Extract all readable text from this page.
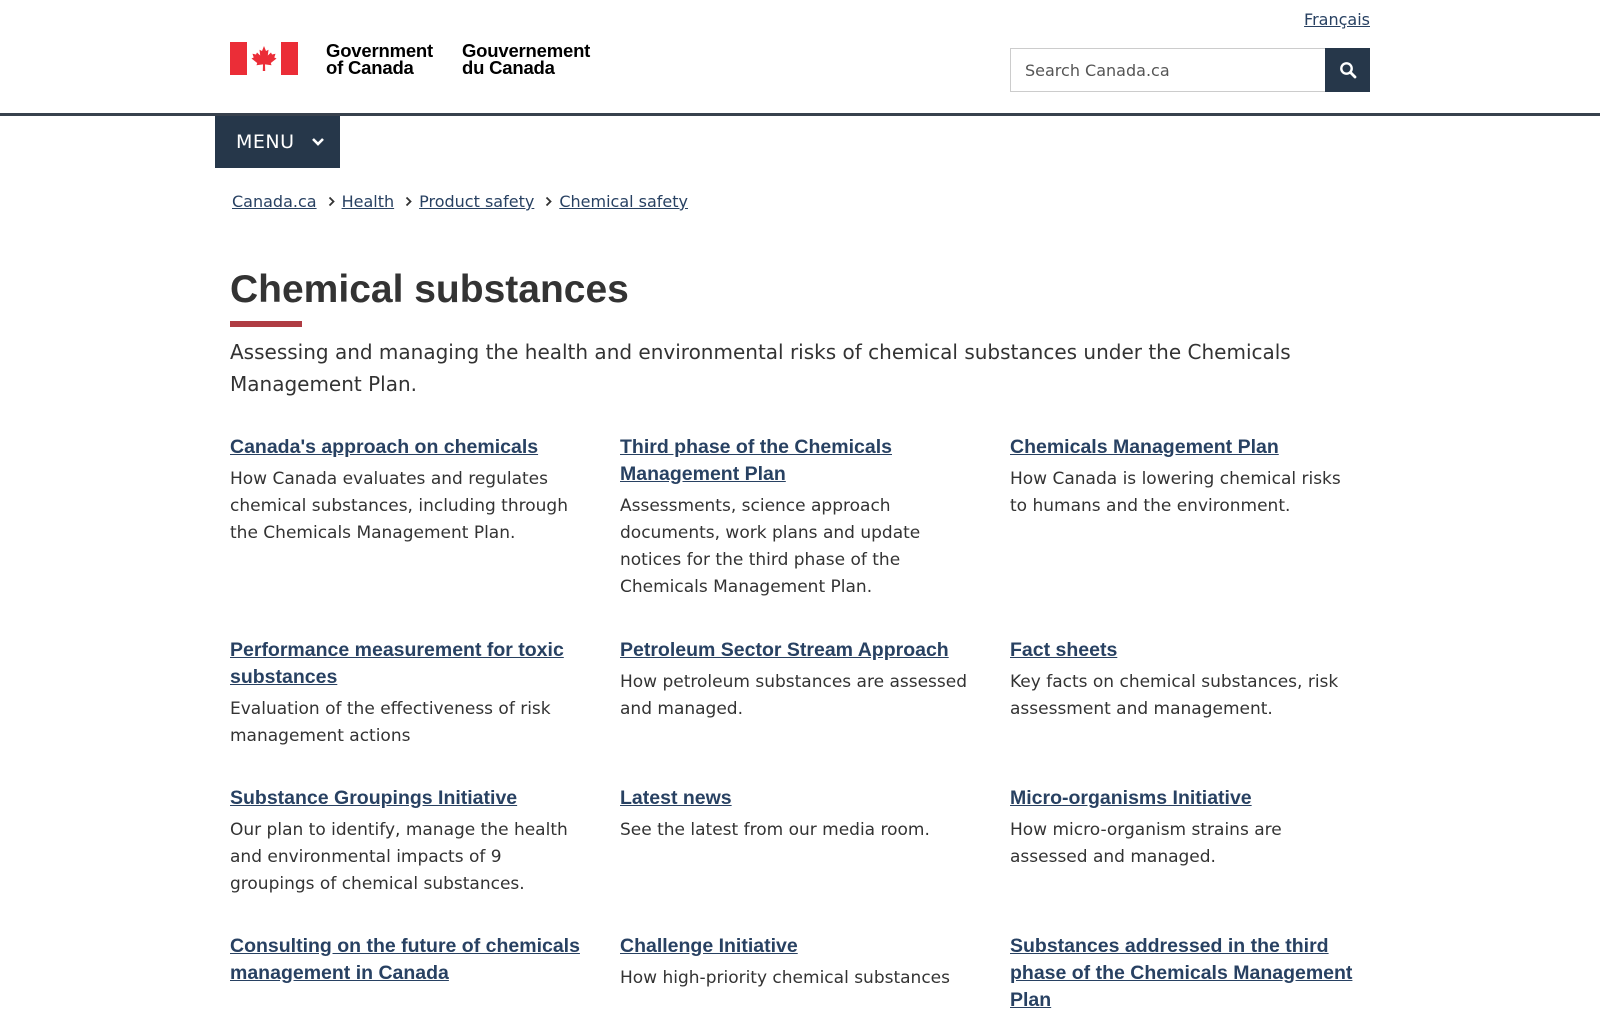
Français
Government
of Canada
Gouvernement
du Canada
Search Canada.ca
MENU
Canada.ca Health Product safety Chemical safety
Chemical substances

Assessing and managing the health and environmental risks of chemical substances under the Chemicals Management Plan.

Canada's approach on chemicals

How Canada evaluates and regulates chemical substances, including through the Chemicals Management Plan.

Third phase of the Chemicals Management Plan

Assessments, science approach documents, work plans and update notices for the third phase of the Chemicals Management Plan.

Chemicals Management Plan

How Canada is lowering chemical risks to humans and the environment.

Performance measurement for toxic substances

Evaluation of the effectiveness of risk management actions

Petroleum Sector Stream Approach

How petroleum substances are assessed and managed.

Fact sheets

Key facts on chemical substances, risk assessment and management.

Substance Groupings Initiative

Our plan to identify, manage the health and environmental impacts of 9 groupings of chemical substances.

Latest news

See the latest from our media room.

Micro-organisms Initiative

How micro-organism strains are assessed and managed.

Consulting on the future of chemicals management in Canada

Challenge Initiative

How high-priority chemical substances

Substances addressed in the third phase of the Chemicals Management Plan
